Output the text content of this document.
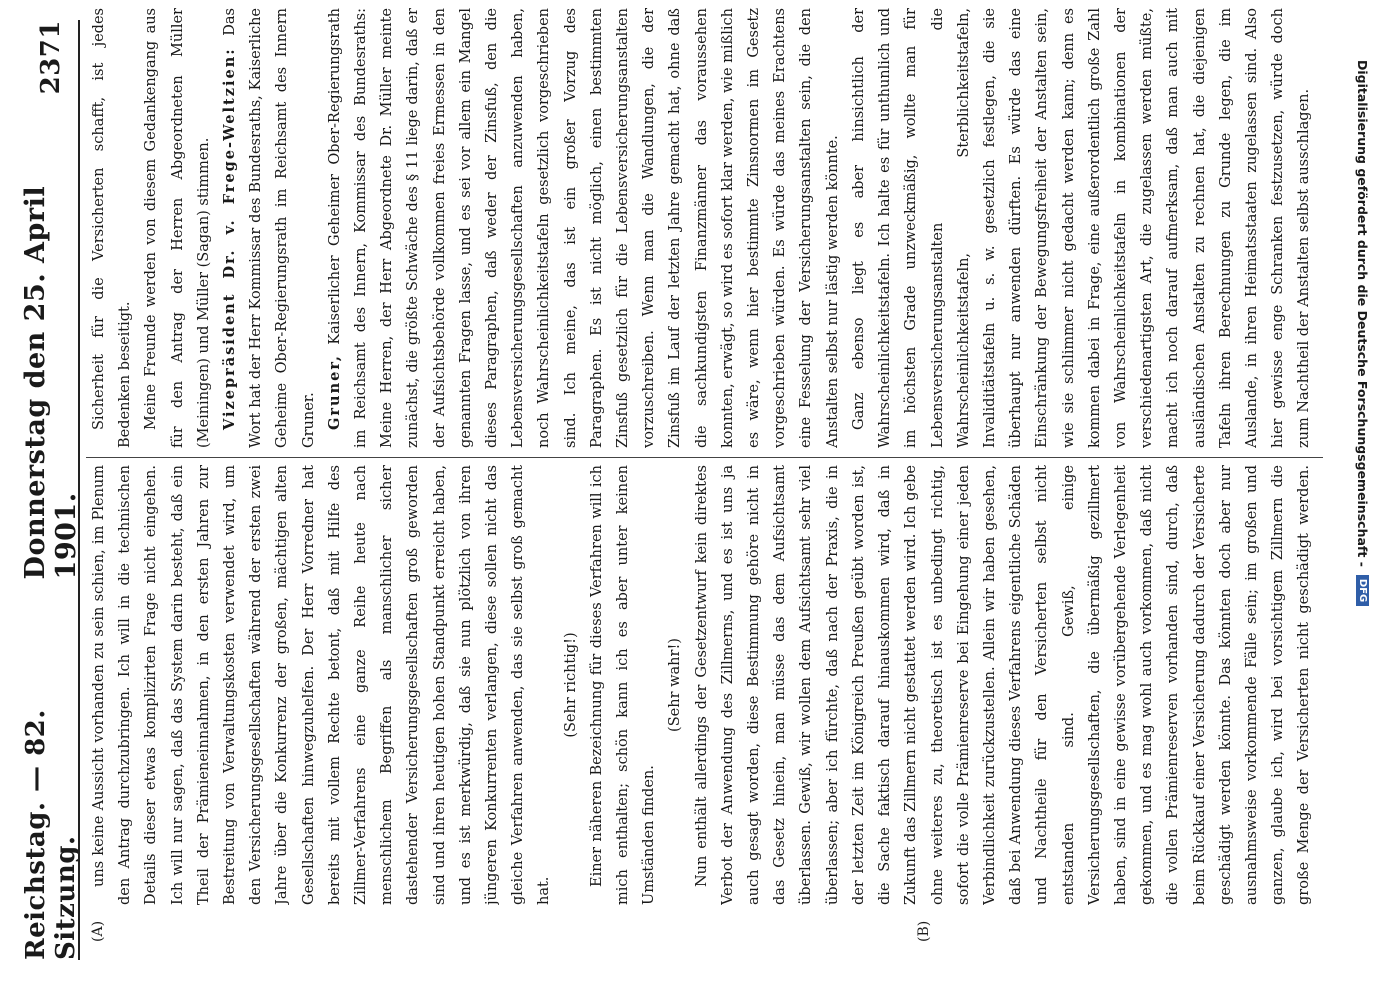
Reichstag. — 82. Sitzung.
Donnerstag den 25. April 1901.
2371
(A)	(B)

uns keine Aussicht vorhanden zu sein schien, im Plenum den Antrag durchzubringen. Ich will in die technischen Details dieser etwas komplizirten Frage nicht eingehen. Ich will nur sagen, daß das System darin besteht, daß ein Theil der Prämieneinnahmen, in den ersten Jahren zur Bestreitung von Verwaltungskosten verwendet wird, um den Versicherungsgesellschaften während der ersten zwei Jahre über die Konkurrenz der großen, mächtigen alten Gesellschaften hinwegzuhelfen. Der Herr Vorredner hat bereits mit vollem Rechte betont, daß mit Hilfe des Zillmer-Verfahrens eine ganze Reihe heute nach menschlichem Begriffen als manschlicher sicher dastehender Versicherungsgesellschaften groß geworden sind und ihren heutigen hohen Standpunkt erreicht haben, und es ist merkwürdig, daß sie nun plötzlich von ihren jüngeren Konkurrenten verlangen, diese sollen nicht das gleiche Verfahren anwenden, das sie selbst groß gemacht hat.

(Sehr richtig!) Einer näheren Bezeichnung für dieses Verfahren will ich mich enthalten; schön kann ich es aber unter keinen Umständen finden.

(Sehr wahr!)

Nun enthält allerdings der Gesetzentwurf kein direktes Verbot der Anwendung des Zillmerns, und es ist uns ja auch gesagt worden, diese Bestimmung gehöre nicht in das Gesetz hinein, man müsse das dem Aufsichtsamt überlassen. Gewiß, wir wollen dem Aufsichtsamt sehr viel überlassen; aber ich fürchte, daß nach der Praxis, die in der letzten Zeit im Königreich Preußen geübt worden ist, die Sache faktisch darauf hinauskommen wird, daß in Zukunft das Zillmern nicht gestattet werden wird. Ich gebe ohne weiteres zu, theoretisch ist es unbedingt richtig, sofort die volle Prämienreserve bei Eingehung einer jeden Verbindlichkeit zurückzustellen. Allein wir haben gesehen, daß bei Anwendung dieses Verfahrens eigentliche Schäden und Nachtheile für den Versicherten selbst nicht entstanden sind. Gewiß, einige Versicherungsgesellschaften, die übermäßig gezillmert haben, sind in eine gewisse vorübergehende Verlegenheit gekommen, und es mag wohl auch vorkommen, daß nicht die vollen Prämienreserven vorhanden sind, durch, daß beim Rückkauf einer Versicherung dadurch der Versicherte geschädigt werden könnte. Das könnten doch aber nur ausnahmsweise vorkommende Fälle sein; im großen und ganzen, glaube ich, wird bei vorsichtigem Zillmern die große Menge der Versicherten nicht geschädigt werden.

Sicherheit für die Versicherten schafft, ist jedes Bedenken beseitigt. Meine Freunde werden von diesem Gedankengang aus für den Antrag der Herren Abgeordneten Müller (Meiningen) und Müller (Sagan) stimmen. Vizepräsident Dr. v. Frege-Weltzien: Das Wort hat der Herr Kommissar des Bundesraths, Kaiserliche Geheime Ober-Regierungsrath im Reichsamt des Innern Gruner. Gruner, Kaiserlicher Geheimer Ober-Regierungsrath im Reichsamt des Innern, Kommissar des Bundesraths: Meine Herren, der Herr Abgeordnete Dr. Müller meinte zunächst, die größte Schwäche des § 11 liege darin, daß er der Aufsichtsbehörde vollkommen freies Ermessen in den genannten Fragen lasse, und es sei vor allem ein Mangel dieses Paragraphen, daß weder der Zinsfuß, den die Lebensversicherungsgesellschaften anzuwenden haben, noch Wahrscheinlichkeitstafeln gesetzlich vorgeschrieben sind. Ich meine, das ist ein großer Vorzug des Paragraphen. Es ist nicht möglich, einen bestimmten Zinsfuß gesetzlich für die Lebensversicherungsanstalten vorzuschreiben. Wenn man die Wandlungen, die der Zinsfuß im Lauf der letzten Jahre gemacht hat, ohne daß die sachkundigsten Finanzmänner das voraussehen konnten, erwägt, so wird es sofort klar werden, wie mißlich es wäre, wenn hier bestimmte Zinsnormen im Gesetz vorgeschrieben würden. Es würde das meines Erachtens eine Fesselung der Versicherungsanstalten sein, die den Anstalten selbst nur lästig werden könnte. Ganz ebenso liegt es aber hinsichtlich der Wahrscheinlichkeitstafeln. Ich halte es für unthunlich und im höchsten Grade unzweckmäßig, wollte man für Lebensversicherungsanstalten die Wahrscheinlichkeitstafeln, Sterblichkeitstafeln, Invaliditätstafeln u. s. w. gesetzlich festlegen, die sie überhaupt nur anwenden dürften. Es würde das eine Einschränkung der Bewegungsfreiheit der Anstalten sein, wie sie schlimmer nicht gedacht werden kann; denn es kommen dabei in Frage, eine außerordentlich große Zahl von Wahrscheinlichkeitstafeln in kombinationen der verschiedenartigsten Art, die zugelassen werden müßte, macht ich noch darauf aufmerksam, daß man auch mit ausländischen Anstalten zu rechnen hat, die diejenigen Tafeln ihren Berechnungen zu Grunde legen, die im Auslande, in ihren Heimatsstaaten zugelassen sind. Also hier gewisse enge Schranken festzusetzen, würde doch zum Nachtheil der Anstalten selbst ausschlagen.	Digitalisierung gefördert durch die Deutsche Forschungsgemeinschaft -
DFG
